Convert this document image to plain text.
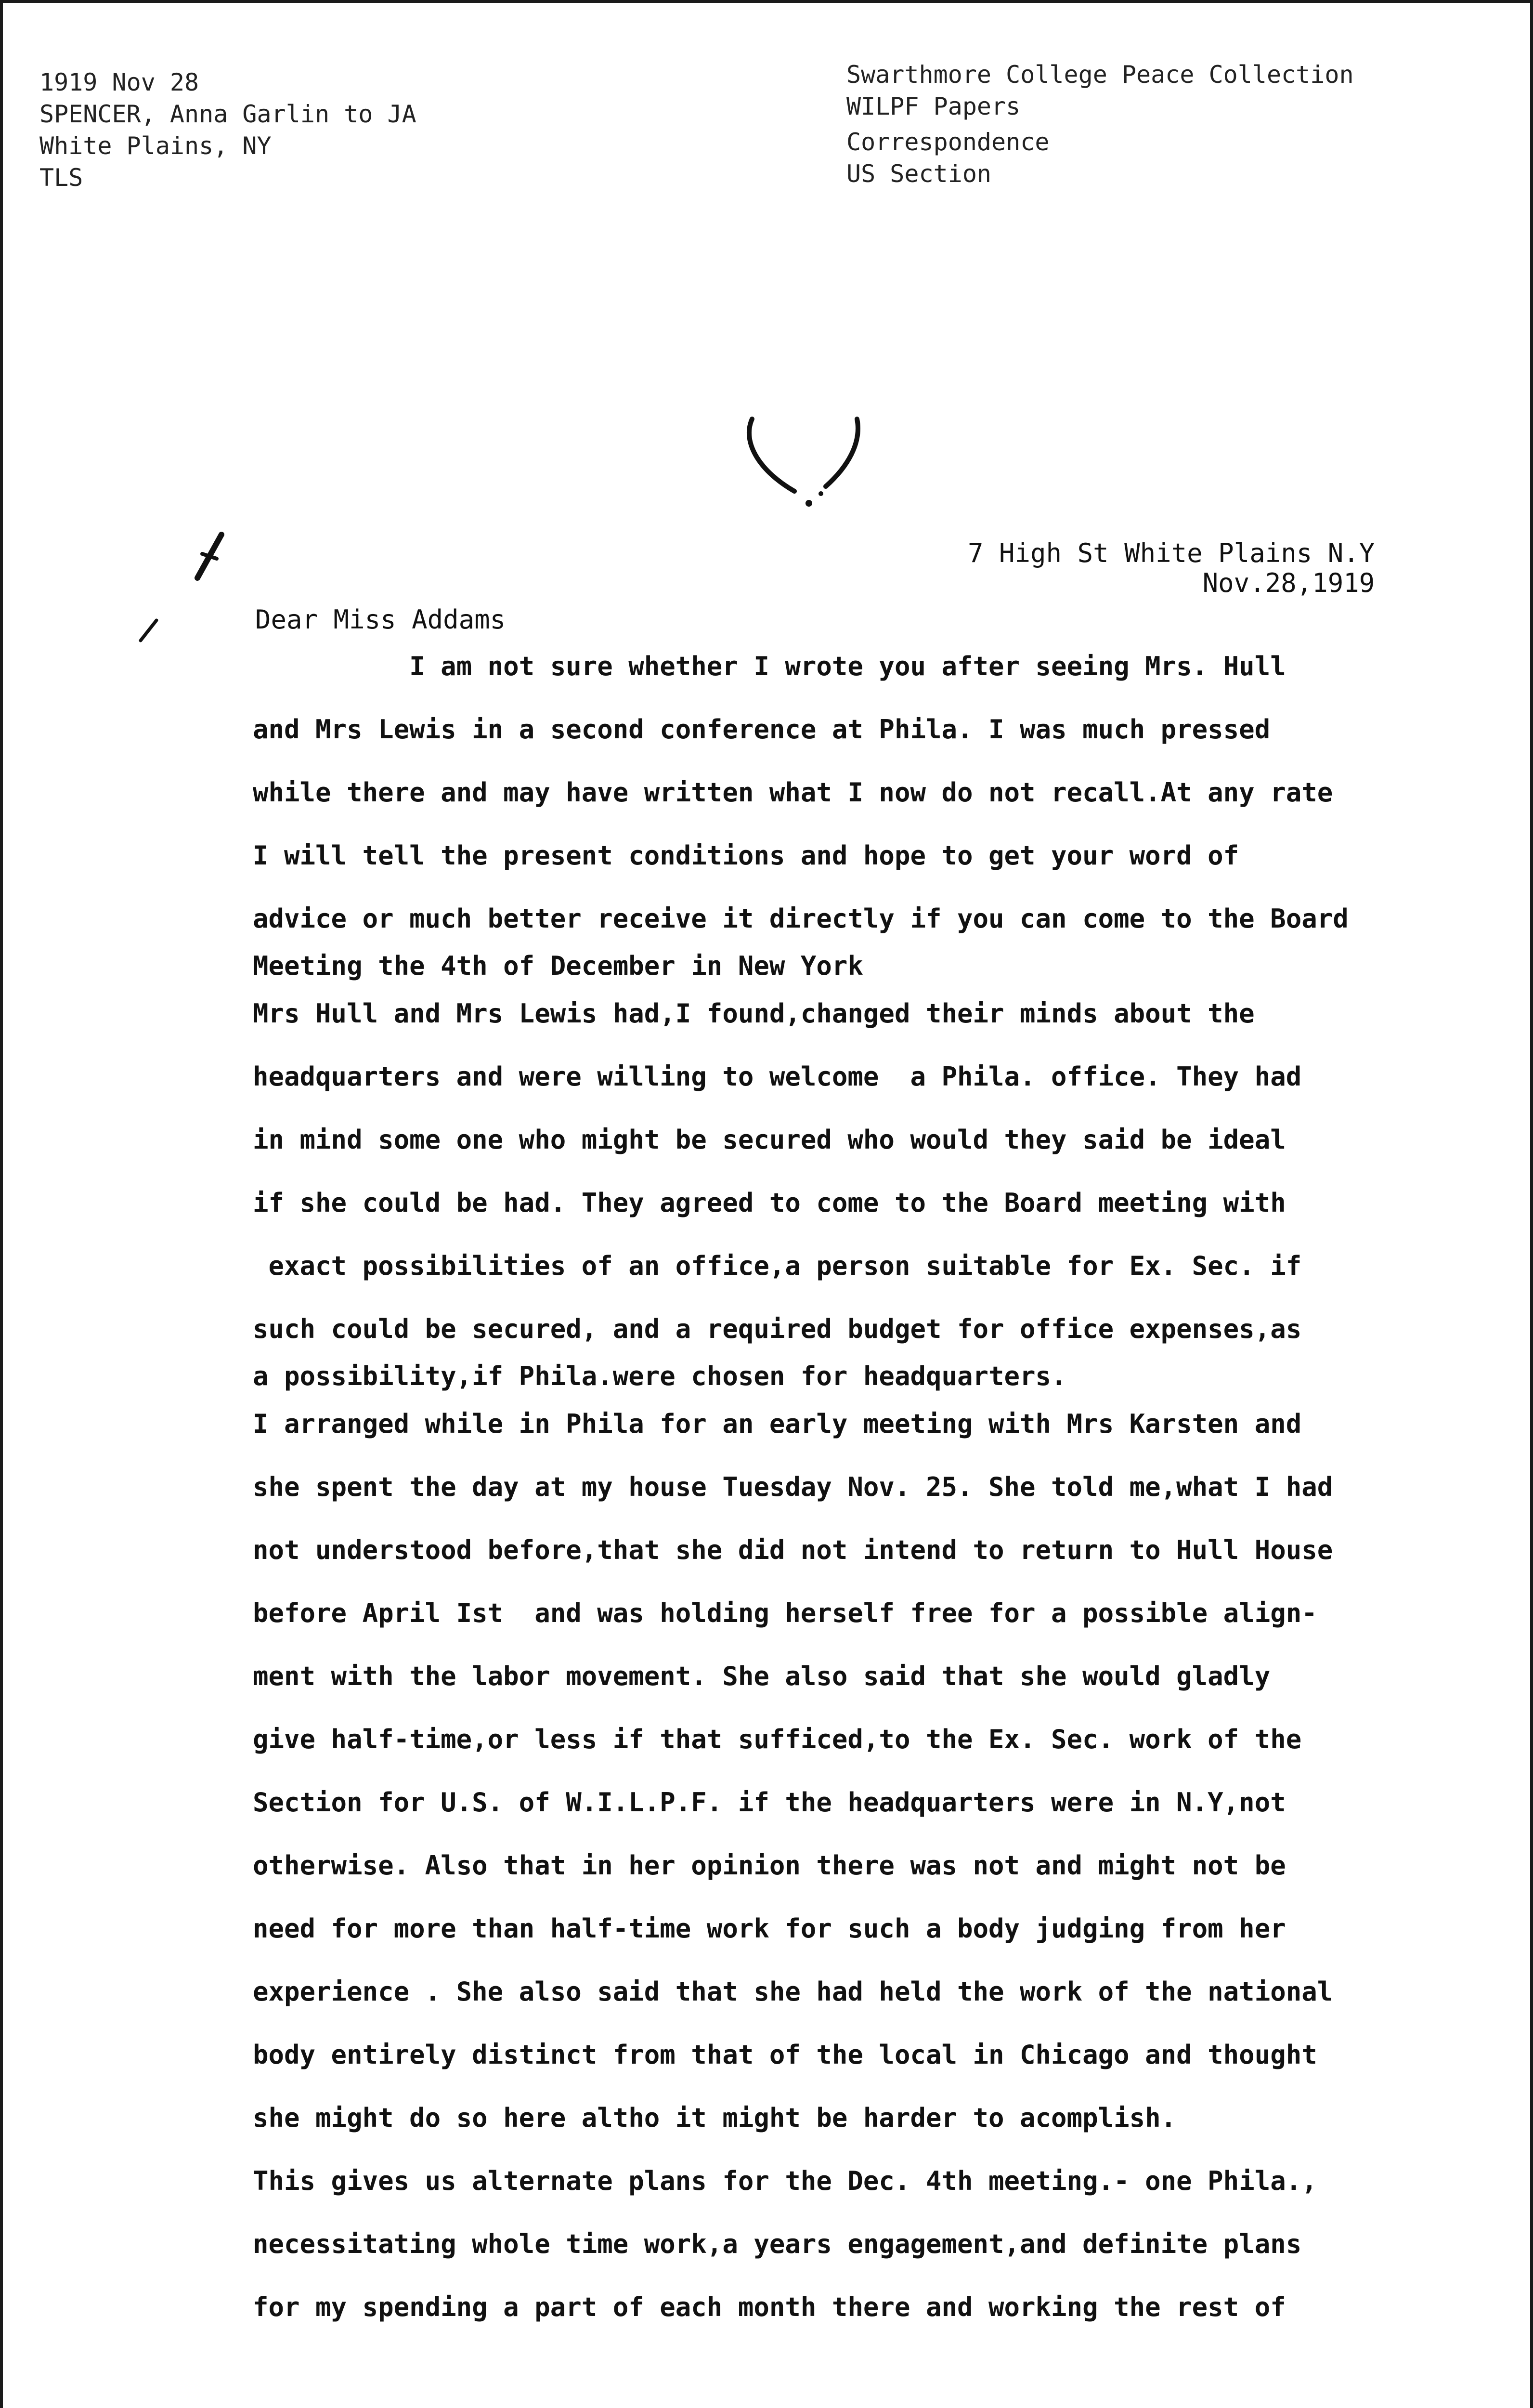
1919 Nov 28
SPENCER, Anna Garlin to JA
White Plains, NY
TLS
Swarthmore College Peace Collection
WILPF Papers
Correspondence
US Section
7 High St White Plains N.Y
Nov.28,1919
Dear Miss Addams
I am not sure whether I wrote you after seeing Mrs. Hull
and Mrs Lewis in a second conference at Phila. I was much pressed
while there and may have written what I now do not recall.At any rate
I will tell the present conditions and hope to get your word of
advice or much better receive it directly if you can come to the Board
Meeting the 4th of December in New York
Mrs Hull and Mrs Lewis had,I found,changed their minds about the
headquarters and were willing to welcome  a Phila. office. They had
in mind some one who might be secured who would they said be ideal
if she could be had. They agreed to come to the Board meeting with
exact possibilities of an office,a person suitable for Ex. Sec. if
such could be secured, and a required budget for office expenses,as
a possibility,if Phila.were chosen for headquarters.
I arranged while in Phila for an early meeting with Mrs Karsten and
she spent the day at my house Tuesday Nov. 25. She told me,what I had
not understood before,that she did not intend to return to Hull House
before April Ist  and was holding herself free for a possible align-
ment with the labor movement. She also said that she would gladly
give half-time,or less if that sufficed,to the Ex. Sec. work of the
Section for U.S. of W.I.L.P.F. if the headquarters were in N.Y,not
otherwise. Also that in her opinion there was not and might not be
need for more than half-time work for such a body judging from her
experience . She also said that she had held the work of the national
body entirely distinct from that of the local in Chicago and thought
she might do so here altho it might be harder to acomplish.
This gives us alternate plans for the Dec. 4th meeting.- one Phila.,
necessitating whole time work,a years engagement,and definite plans
for my spending a part of each month there and working the rest of
